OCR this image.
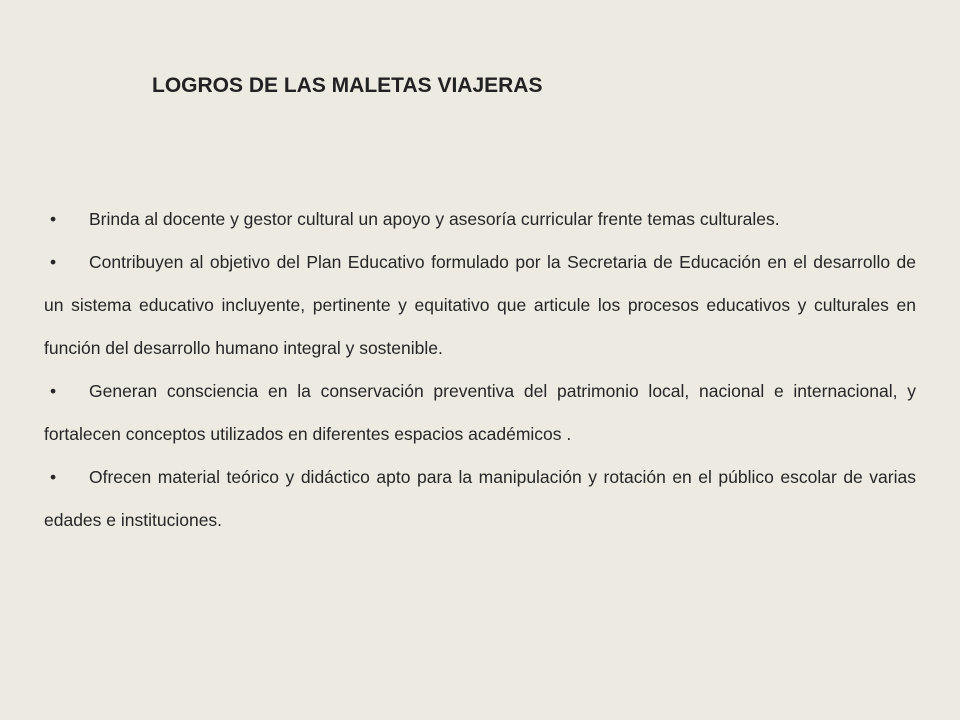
LOGROS DE LAS MALETAS VIAJERAS
• Brinda al docente y gestor cultural un apoyo y asesoría curricular frente temas culturales.
• Contribuyen al objetivo del Plan Educativo formulado por la Secretaria de Educación en el desarrollo de un sistema educativo incluyente, pertinente y equitativo que articule los procesos educativos y culturales en función del desarrollo humano integral y sostenible.
• Generan consciencia en la conservación preventiva del patrimonio local, nacional e internacional, y fortalecen conceptos utilizados en diferentes espacios académicos .
• Ofrecen material teórico y didáctico apto para la manipulación y rotación en el público escolar de varias edades e instituciones.
